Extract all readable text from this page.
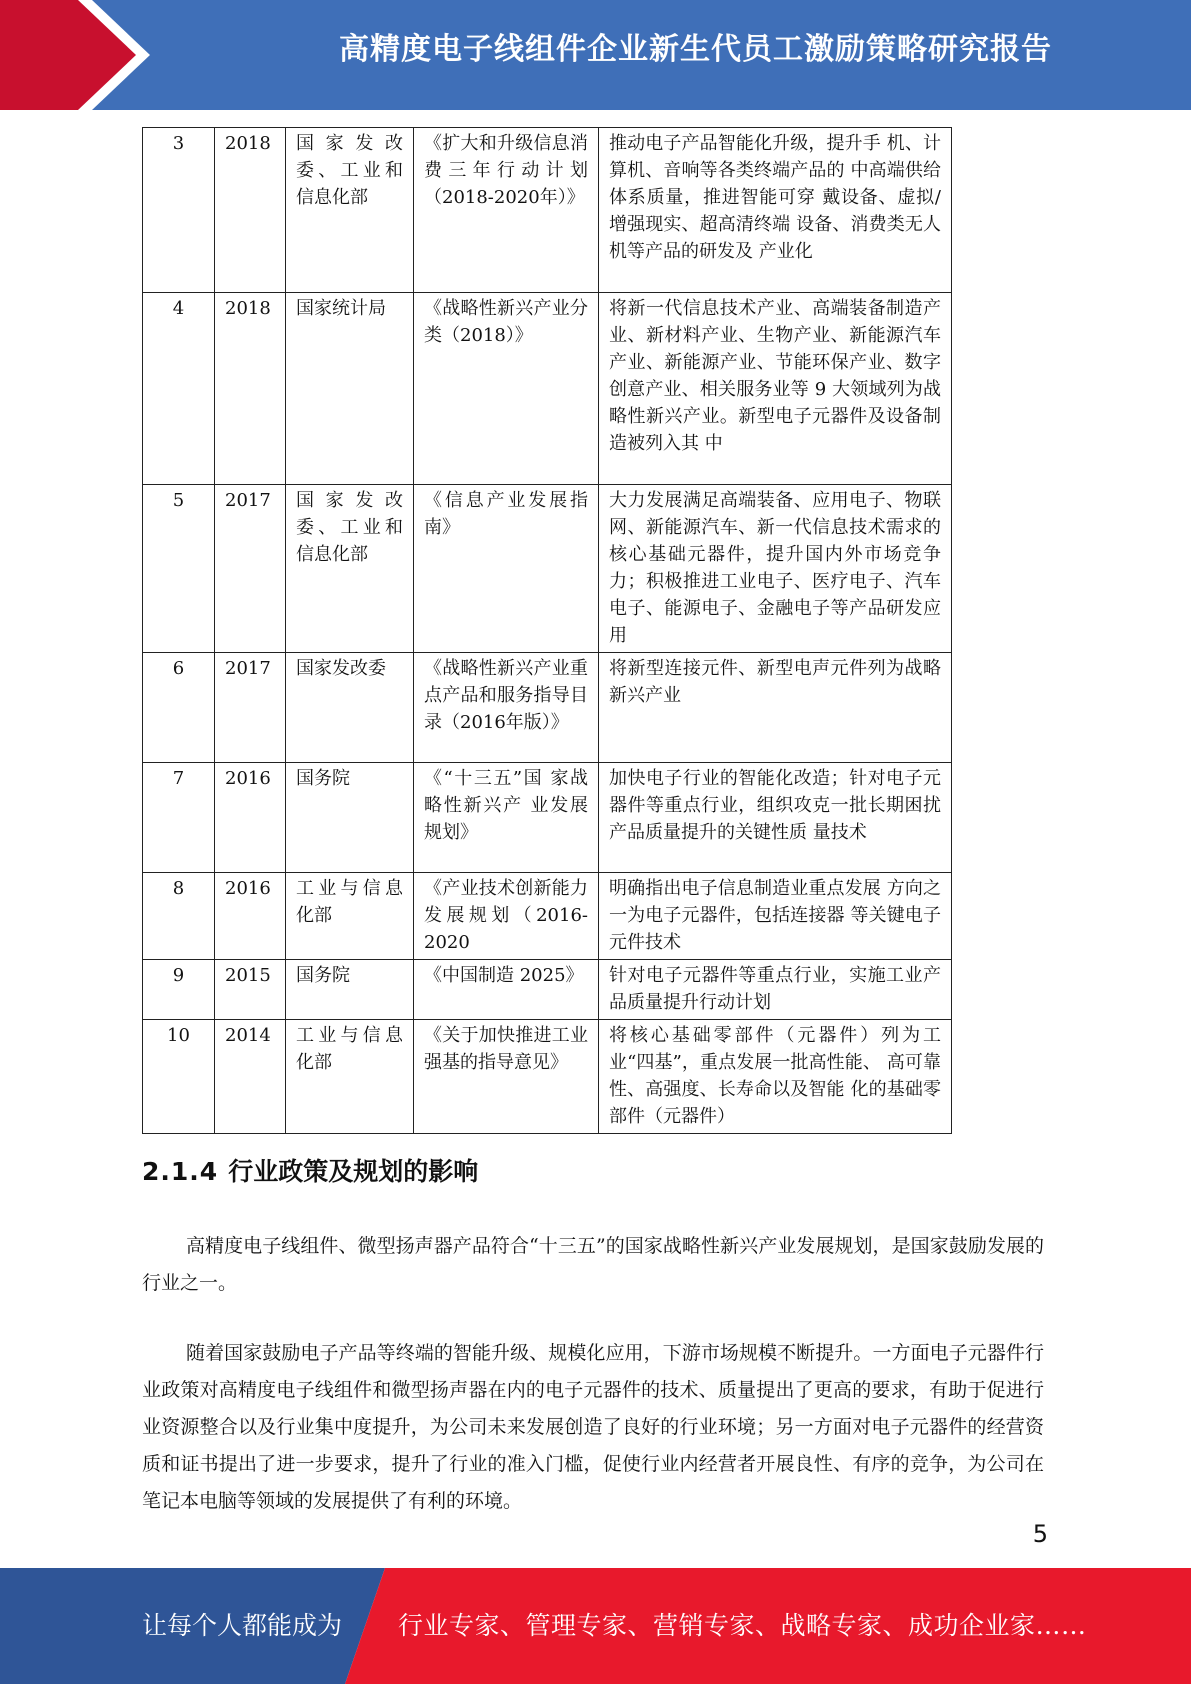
高精度电子线组件企业新生代员工激励策略研究报告
3	2018	国家发改委、工业和信息化部	《扩大和升级信息消费三年行动计划（2018-2020年）》	推动电子产品智能化升级，提升手 机、计算机、音响等各类终端产品的 中高端供给体系质量，推进智能可穿 戴设备、虚拟/增强现实、超高清终端 设备、消费类无人机等产品的研发及 产业化
4	2018	国家统计局	《战略性新兴产业分类（2018）》	将新一代信息技术产业、高端装备制造产业、新材料产业、生物产业、新能源汽车产业、新能源产业、节能环保产业、数字创意产业、相关服务业等 9 大领域列为战略性新兴产业。新型电子元器件及设备制造被列入其 中
5	2017	国家发改委、工业和信息化部	《信息产业发展指南》	大力发展满足高端装备、应用电子、物联网、新能源汽车、新一代信息技术需求的核心基础元器件，提升国内外市场竞争力；积极推进工业电子、医疗电子、汽车电子、能源电子、金融电子等产品研发应用
6	2017	国家发改委	《战略性新兴产业重点产品和服务指导目录（2016年版）》	将新型连接元件、新型电声元件列为战略新兴产业
7	2016	国务院	《“十三五”国 家战略性新兴产 业发展规划》	加快电子行业的智能化改造；针对电子元器件等重点行业，组织攻克一批长期困扰产品质量提升的关键性质 量技术
8	2016	工业与信息化部	《产业技术创新能力发展规划（2016-2020	明确指出电子信息制造业重点发展 方向之一为电子元器件，包括连接器 等关键电子元件技术
9	2015	国务院	《中国制造 2025》	针对电子元器件等重点行业，实施工业产品质量提升行动计划
10	2014	工业与信息化部	《关于加快推进工业强基的指导意见》	将核心基础零部件（元器件）列为工业“四基”，重点发展一批高性能、 高可靠性、高强度、长寿命以及智能 化的基础零部件（元器件）
2.1.4 行业政策及规划的影响

高精度电子线组件、微型扬声器产品符合“十三五”的国家战略性新兴产业发展规划，是国家鼓励发展的行业之一。

随着国家鼓励电子产品等终端的智能升级、规模化应用，下游市场规模不断提升。一方面电子元器件行业政策对高精度电子线组件和微型扬声器在内的电子元器件的技术、质量提出了更高的要求，有助于促进行业资源整合以及行业集中度提升，为公司未来发展创造了良好的行业环境；另一方面对电子元器件的经营资质和证书提出了进一步要求，提升了行业的准入门槛，促使行业内经营者开展良性、有序的竞争，为公司在笔记本电脑等领域的发展提供了有利的环境。

5
让每个人都能成为 行业专家、管理专家、营销专家、战略专家、成功企业家……
